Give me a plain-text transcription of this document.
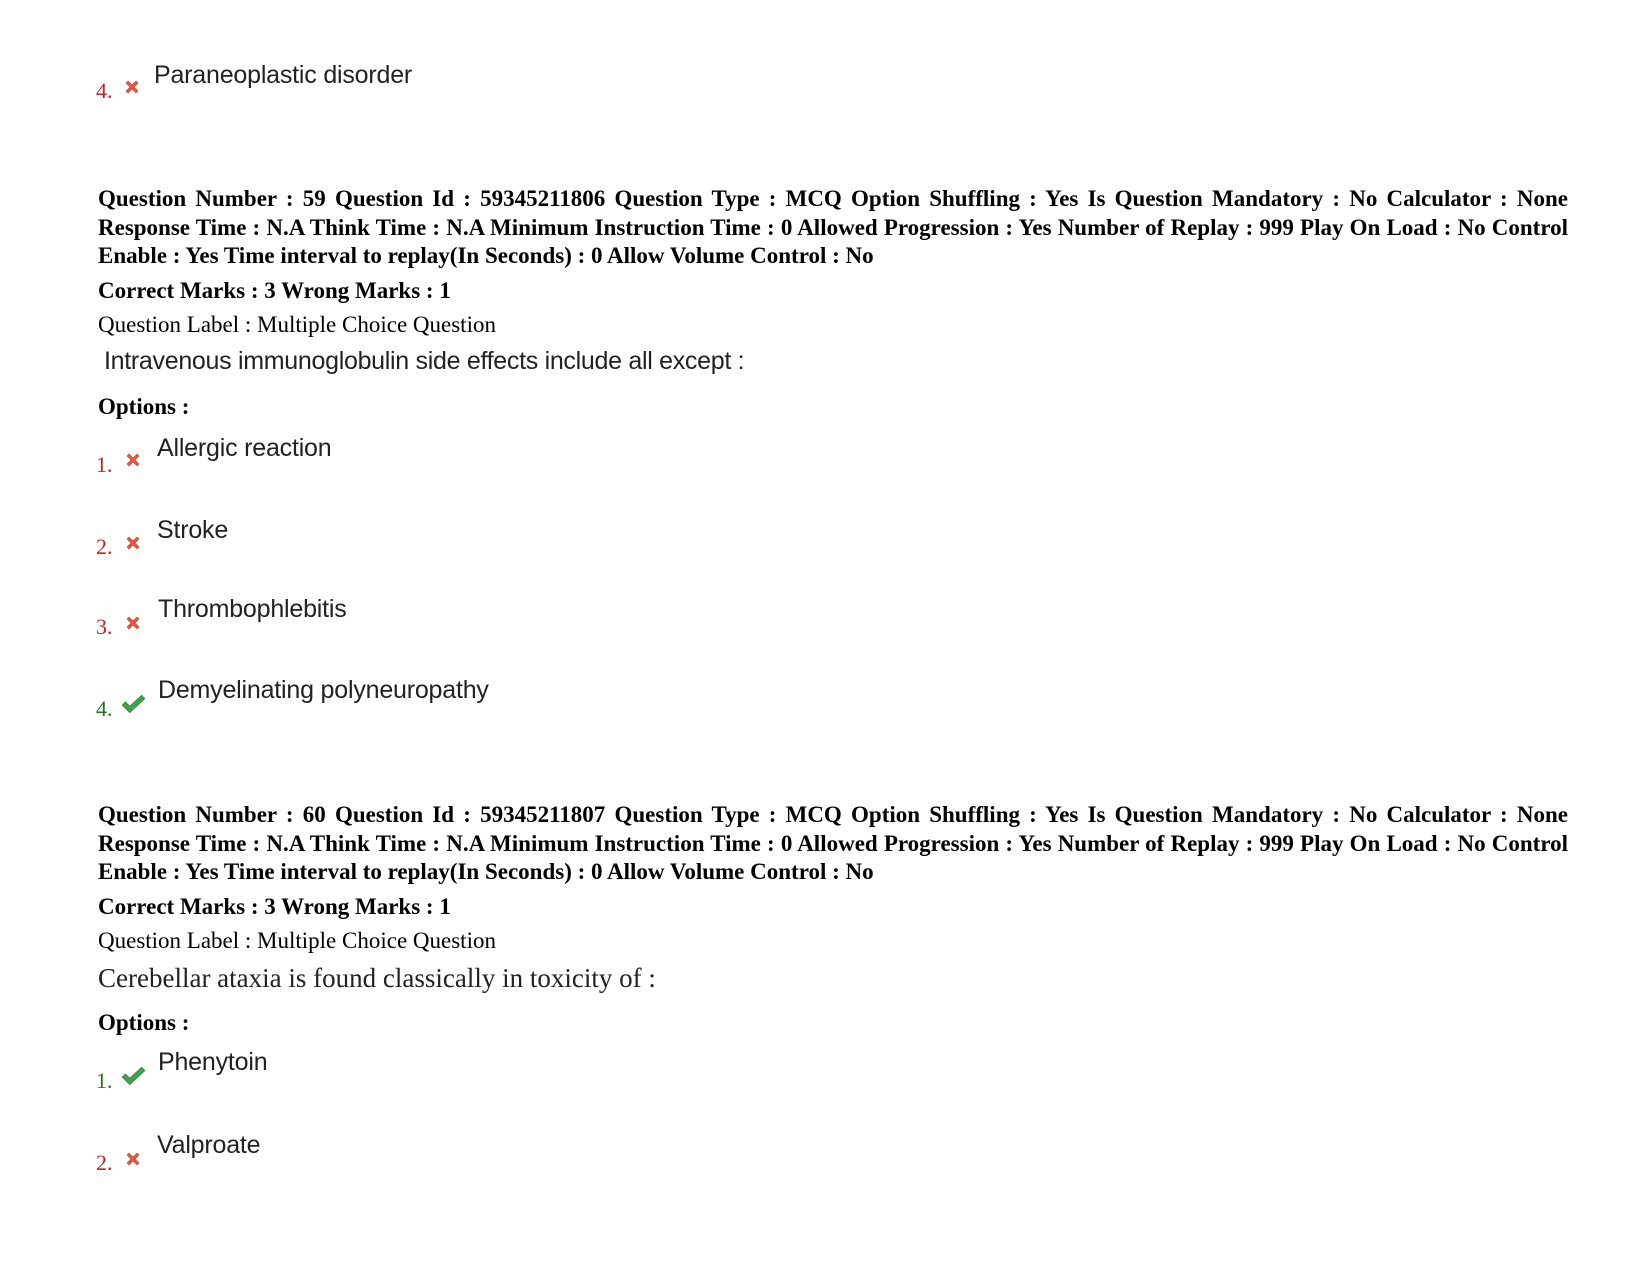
4.
Paraneoplastic disorder
Question Number : 59 Question Id : 59345211806 Question Type : MCQ Option Shuffling : Yes Is Question Mandatory : No Calculator : None Response Time : N.A Think Time : N.A Minimum Instruction Time : 0 Allowed Progression : Yes Number of Replay : 999 Play On Load : No Control Enable : Yes Time interval to replay(In Seconds) : 0 Allow Volume Control : No
Correct Marks : 3 Wrong Marks : 1
Question Label : Multiple Choice Question
Intravenous immunoglobulin side effects include all except :
Options :
1.
Allergic reaction
2.
Stroke
3.
Thrombophlebitis
4.
Demyelinating polyneuropathy
Question Number : 60 Question Id : 59345211807 Question Type : MCQ Option Shuffling : Yes Is Question Mandatory : No Calculator : None Response Time : N.A Think Time : N.A Minimum Instruction Time : 0 Allowed Progression : Yes Number of Replay : 999 Play On Load : No Control Enable : Yes Time interval to replay(In Seconds) : 0 Allow Volume Control : No
Correct Marks : 3 Wrong Marks : 1
Question Label : Multiple Choice Question
Cerebellar ataxia is found classically in toxicity of :
Options :
1.
Phenytoin
2.
Valproate
